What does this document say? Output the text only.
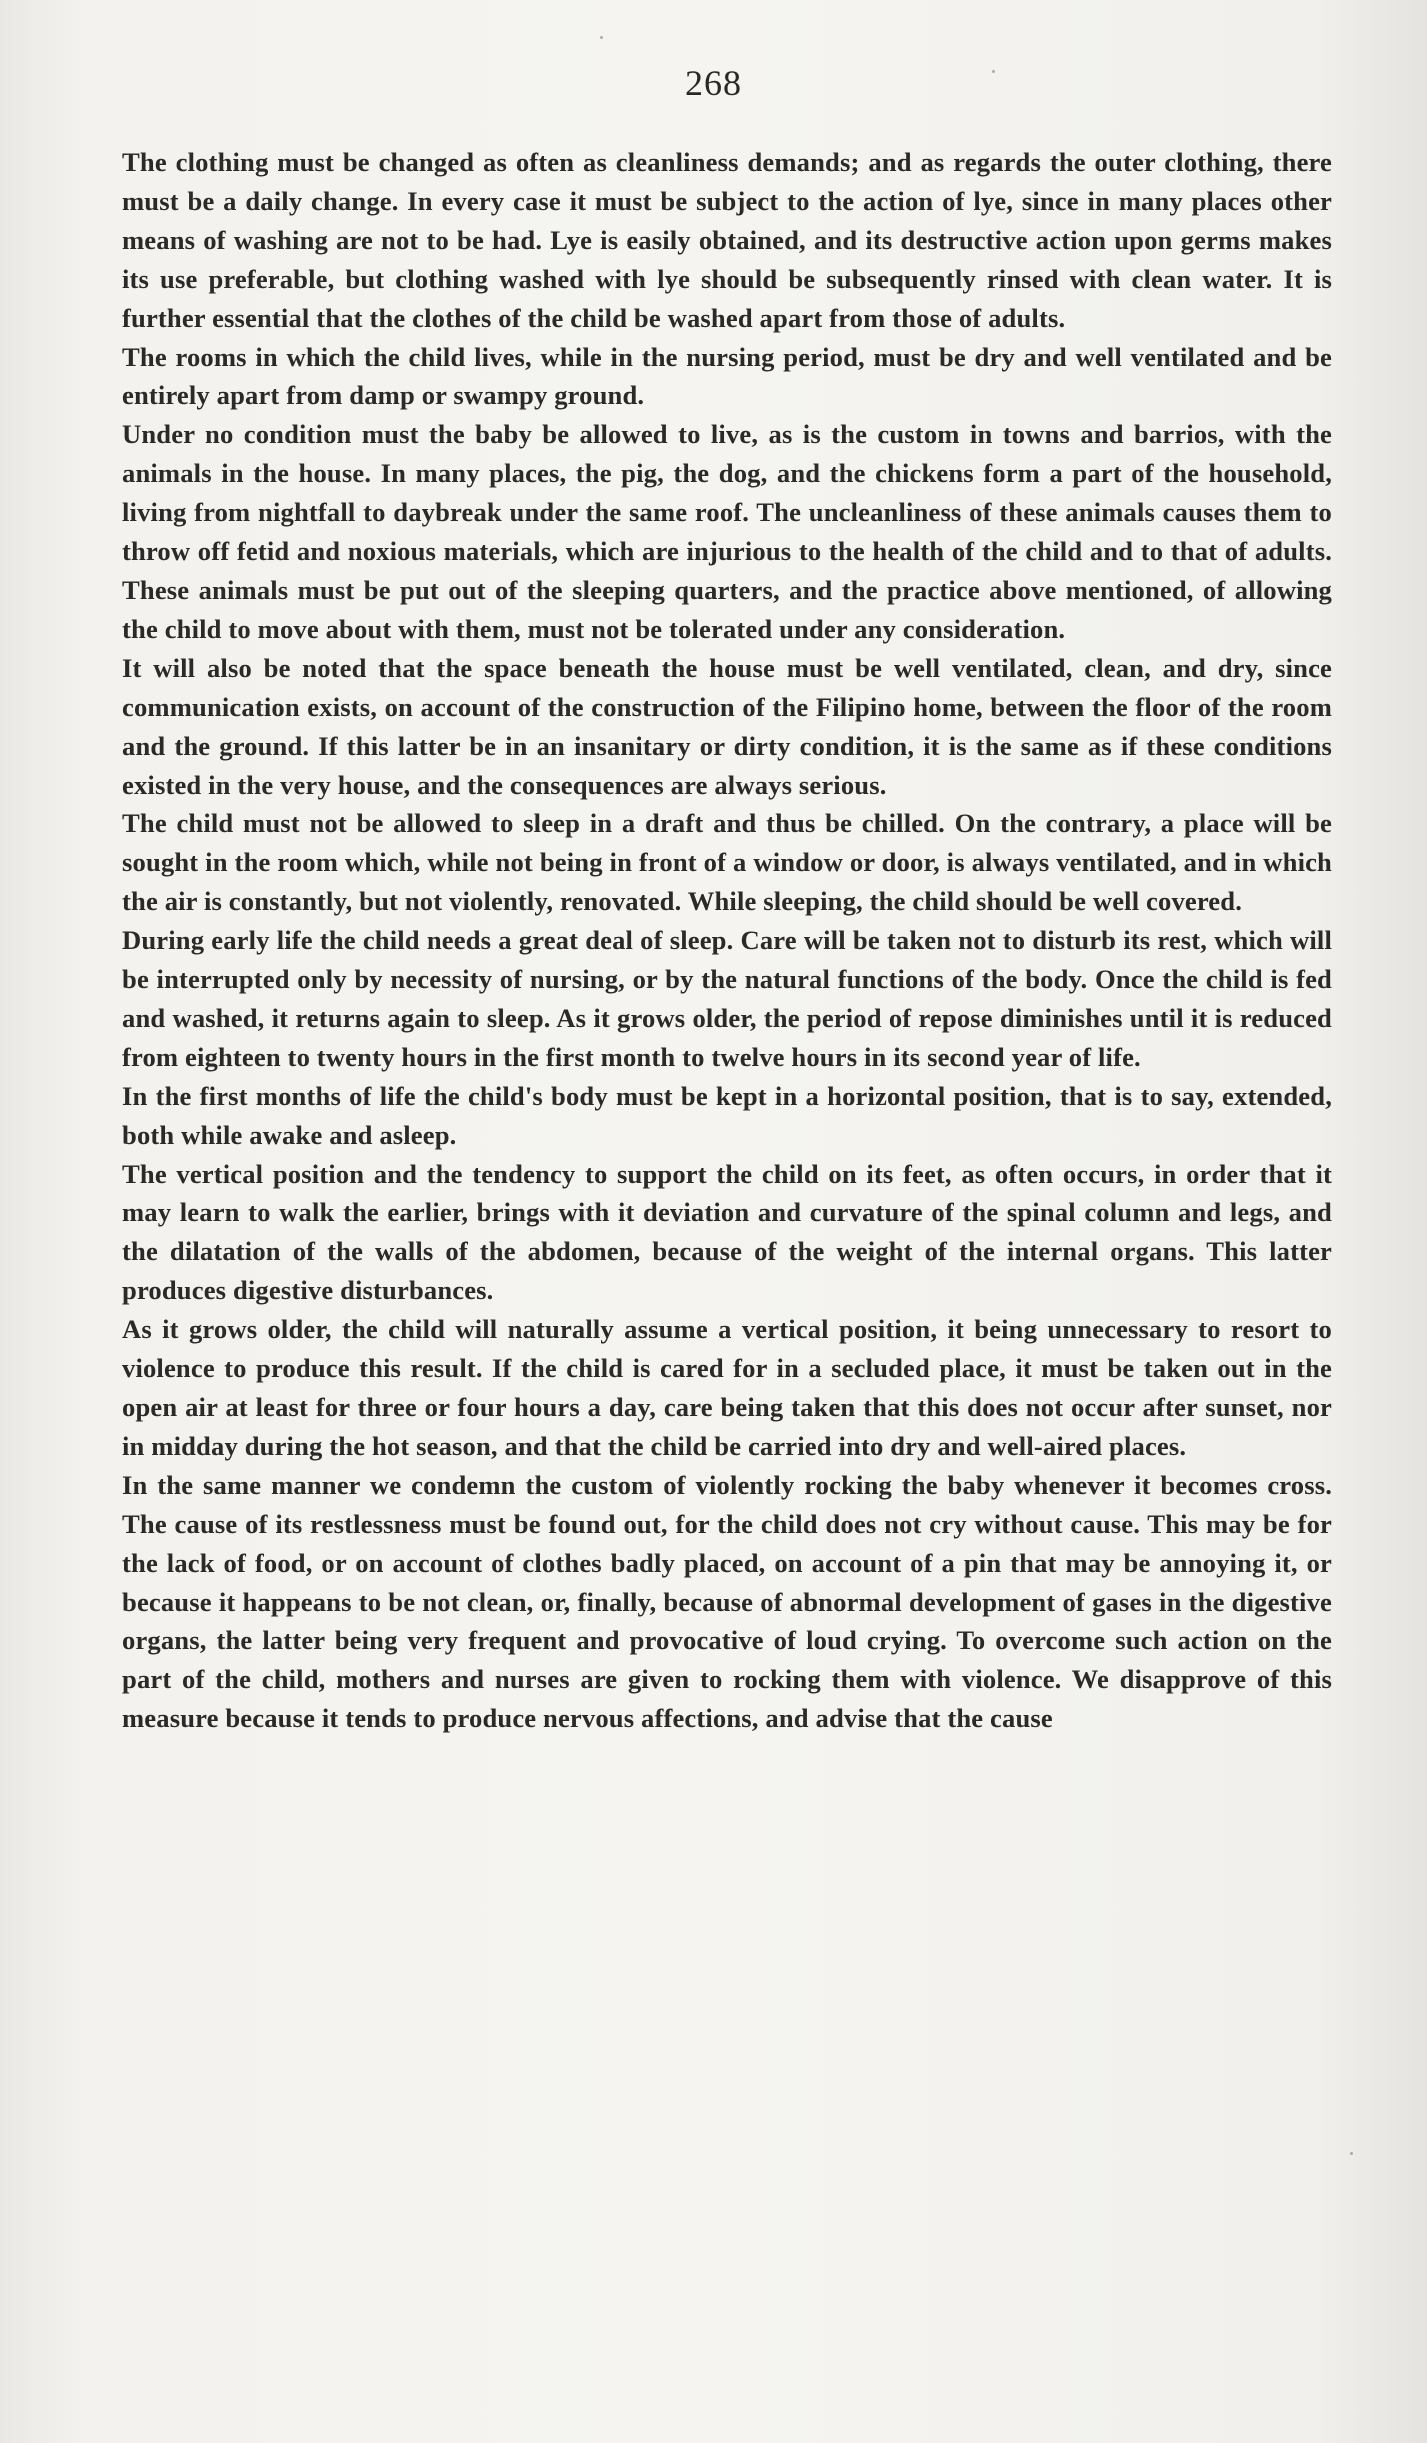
268

The clothing must be changed as often as cleanliness demands; and as regards the outer clothing, there must be a daily change. In every case it must be subject to the action of lye, since in many places other means of washing are not to be had. Lye is easily obtained, and its destructive action upon germs makes its use preferable, but clothing washed with lye should be subsequently rinsed with clean water. It is further essential that the clothes of the child be washed apart from those of adults.

The rooms in which the child lives, while in the nursing period, must be dry and well ventilated and be entirely apart from damp or swampy ground.

Under no condition must the baby be allowed to live, as is the custom in towns and barrios, with the animals in the house. In many places, the pig, the dog, and the chickens form a part of the household, living from nightfall to daybreak under the same roof. The uncleanliness of these animals causes them to throw off fetid and noxious materials, which are injurious to the health of the child and to that of adults. These animals must be put out of the sleeping quarters, and the practice above mentioned, of allowing the child to move about with them, must not be tolerated under any consideration.

It will also be noted that the space beneath the house must be well ventilated, clean, and dry, since communication exists, on account of the construction of the Filipino home, between the floor of the room and the ground. If this latter be in an insanitary or dirty condition, it is the same as if these conditions existed in the very house, and the consequences are always serious.

The child must not be allowed to sleep in a draft and thus be chilled. On the contrary, a place will be sought in the room which, while not being in front of a window or door, is always ventilated, and in which the air is constantly, but not violently, renovated. While sleeping, the child should be well covered.

During early life the child needs a great deal of sleep. Care will be taken not to disturb its rest, which will be interrupted only by necessity of nursing, or by the natural functions of the body. Once the child is fed and washed, it returns again to sleep. As it grows older, the period of repose diminishes until it is reduced from eighteen to twenty hours in the first month to twelve hours in its second year of life.

In the first months of life the child's body must be kept in a horizontal position, that is to say, extended, both while awake and asleep.

The vertical position and the tendency to support the child on its feet, as often occurs, in order that it may learn to walk the earlier, brings with it deviation and curvature of the spinal column and legs, and the dilatation of the walls of the abdomen, because of the weight of the internal organs. This latter produces digestive disturbances.

As it grows older, the child will naturally assume a vertical position, it being unnecessary to resort to violence to produce this result. If the child is cared for in a secluded place, it must be taken out in the open air at least for three or four hours a day, care being taken that this does not occur after sunset, nor in midday during the hot season, and that the child be carried into dry and well-aired places.

In the same manner we condemn the custom of violently rocking the baby whenever it becomes cross. The cause of its restlessness must be found out, for the child does not cry without cause. This may be for the lack of food, or on account of clothes badly placed, on account of a pin that may be annoying it, or because it happeans to be not clean, or, finally, because of abnormal development of gases in the digestive organs, the latter being very frequent and provocative of loud crying. To overcome such action on the part of the child, mothers and nurses are given to rocking them with violence. We disapprove of this measure because it tends to produce nervous affections, and advise that the cause
